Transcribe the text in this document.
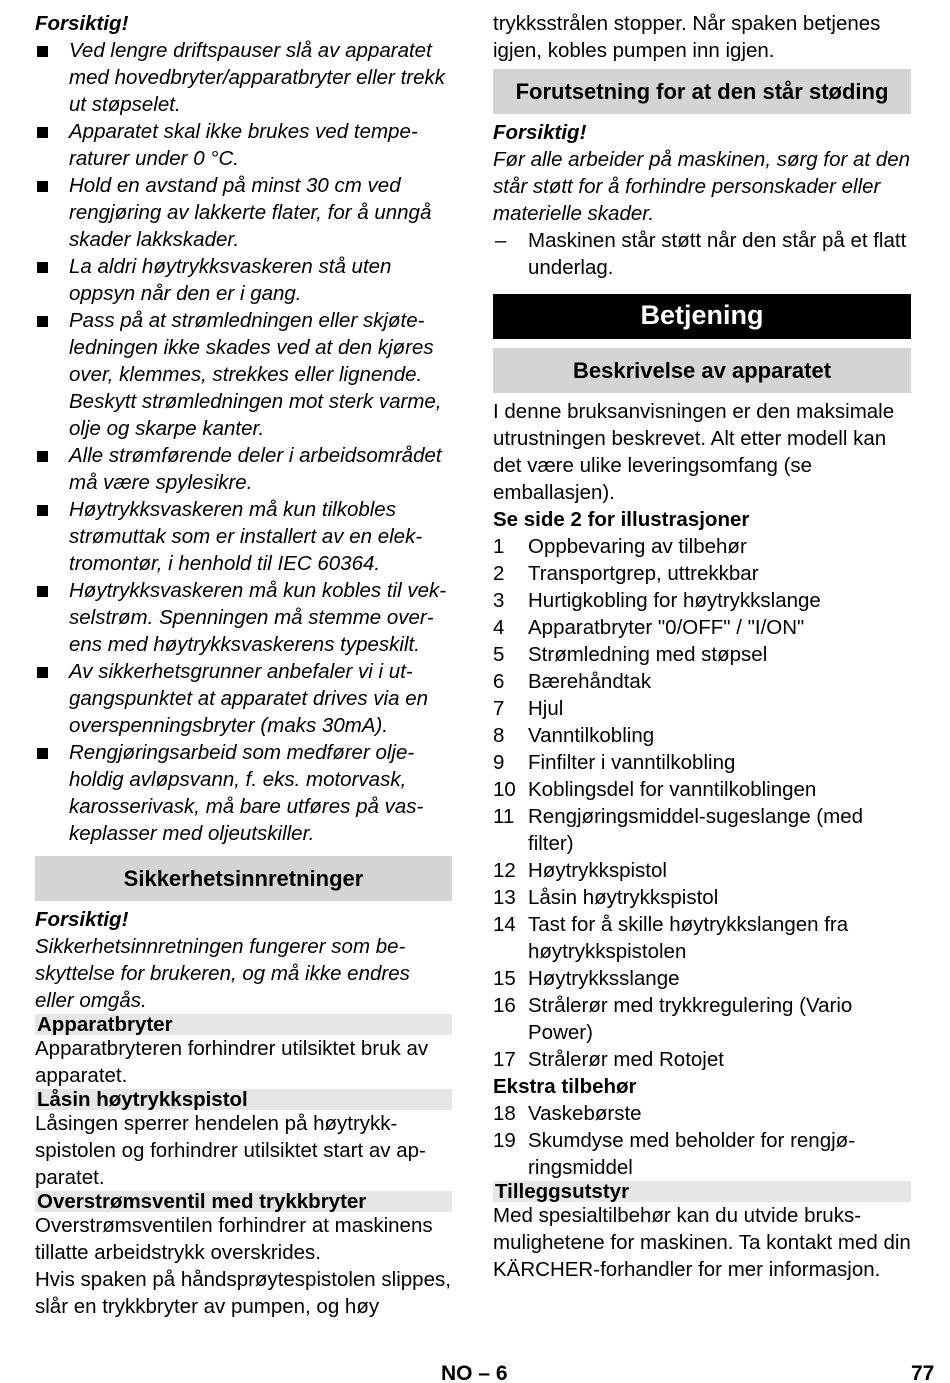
Forsiktig!

Ved lengre driftspauser slå av apparatet med hovedbryter/apparatbryter eller trekk ut støpselet.
Apparatet skal ikke brukes ved temperaturer under 0 °C.
Hold en avstand på minst 30 cm ved rengjøring av lakkerte flater, for å unngå skader lakkskader.
La aldri høytrykksvaskeren stå uten oppsyn når den er i gang.
Pass på at strømledningen eller skjøteledningen ikke skades ved at den kjøres over, klemmes, strekkes eller lignende. Beskytt strømledningen mot sterk varme, olje og skarpe kanter.
Alle strømførende deler i arbeidsområdet må være spylesikre.
Høytrykksvaskeren må kun tilkobles strømuttak som er installert av en elektromontør, i henhold til IEC 60364.
Høytrykksvaskeren må kun kobles til vekselstrøm. Spenningen må stemme overens med høytrykksvaskerens typeskilt.
Av sikkerhetsgrunner anbefaler vi i utgangspunktet at apparatet drives via en overspenningsbryter (maks 30mA).
Rengjøringsarbeid som medfører oljeholdig avløpsvann, f. eks. motorvask, karosserivask, må bare utføres på vaskeplasser med oljeutskiller.
Sikkerhetsinnretninger

Forsiktig!

Sikkerhetsinnretningen fungerer som beskyttelse for brukeren, og må ikke endres eller omgås.

Apparatbryter

Apparatbryteren forhindrer utilsiktet bruk av apparatet.

Låsin høytrykkspistol

Låsingen sperrer hendelen på høytrykkspistolen og forhindrer utilsiktet start av apparatet.

Overstrømsventil med trykkbryter

Overstrømsventilen forhindrer at maskinens tillatte arbeidstrykk overskrides.

Hvis spaken på håndsprøytespistolen slippes, slår en trykkbryter av pumpen, og høy

trykksstrålen stopper. Når spaken betjenes igjen, kobles pumpen inn igjen.

Forutsetning for at den står støding

Forsiktig!

Før alle arbeider på maskinen, sørg for at den står støtt for å forhindre personskader eller materielle skader.

– Maskinen står støtt når den står på et flatt underlag.
Betjening
Beskrivelse av apparatet

I denne bruksanvisningen er den maksimale utrustningen beskrevet. Alt etter modell kan det være ulike leveringsomfang (se emballasjen).

Se side 2 for illustrasjoner

1 Oppbevaring av tilbehør
2 Transportgrep, uttrekkbar
3 Hurtigkobling for høytrykkslange
4 Apparatbryter "0/OFF" / "I/ON"
5 Strømledning med støpsel
6 Bærehåndtak
7 Hjul
8 Vanntilkobling
9 Finfilter i vanntilkobling
10 Koblingsdel for vanntilkoblingen
11 Rengjøringsmiddel-sugeslange (med filter)
12 Høytrykkspistol
13 Låsin høytrykkspistol
14 Tast for å skille høytrykkslangen fra høytrykkspistolen
15 Høytrykksslange
16 Strålerør med trykkregulering (Vario Power)
17 Strålerør med Rotojet

Ekstra tilbehør

18 Vaskebørste
19 Skumdyse med beholder for rengjøringsmiddel
Tilleggsutstyr

Med spesialtilbehør kan du utvide bruksmulighetene for maskinen. Ta kontakt med din KÄRCHER-forhandler for mer informasjon.

NO – 6	77
